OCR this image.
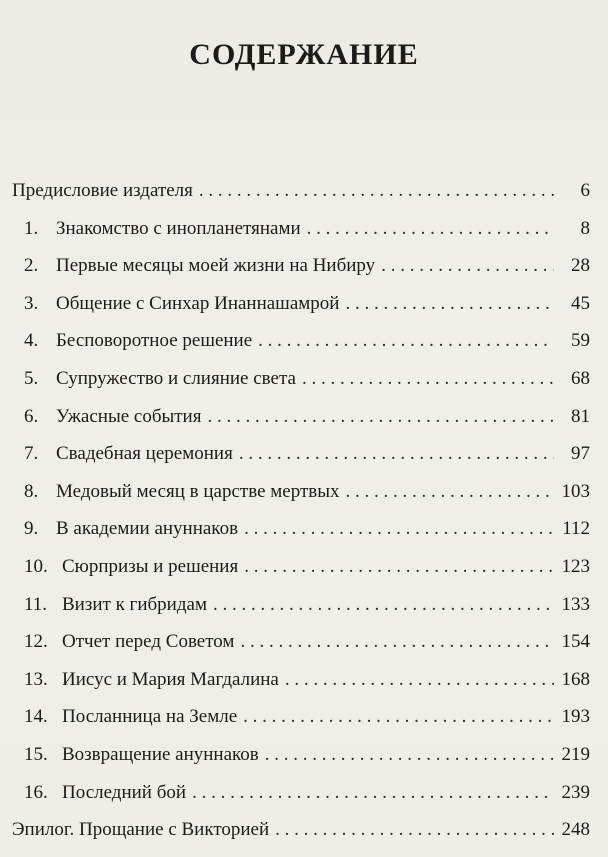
СОДЕРЖАНИЕ
Предисловие издателя . . .	6
1. Знакомство с инопланетянами . . .	8
2. Первые месяцы моей жизни на Нибиру . . .	28
3. Общение с Синхар Инаннашамрой . . .	45
4. Бесповоротное решение . . .	59
5. Супружество и слияние света . . .	68
6. Ужасные события . . .	81
7. Свадебная церемония . . .	97
8. Медовый месяц в царстве мертвых . . .	103
9. В академии ануннаков . . .	112
10. Сюрпризы и решения . . .	123
11. Визит к гибридам . . .	133
12. Отчет перед Советом . . .	154
13. Иисус и Мария Магдалина . . .	168
14. Посланница на Земле . . .	193
15. Возвращение ануннаков . . .	219
16. Последний бой . . .	239
Эпилог. Прощание с Викторией . . .	248
